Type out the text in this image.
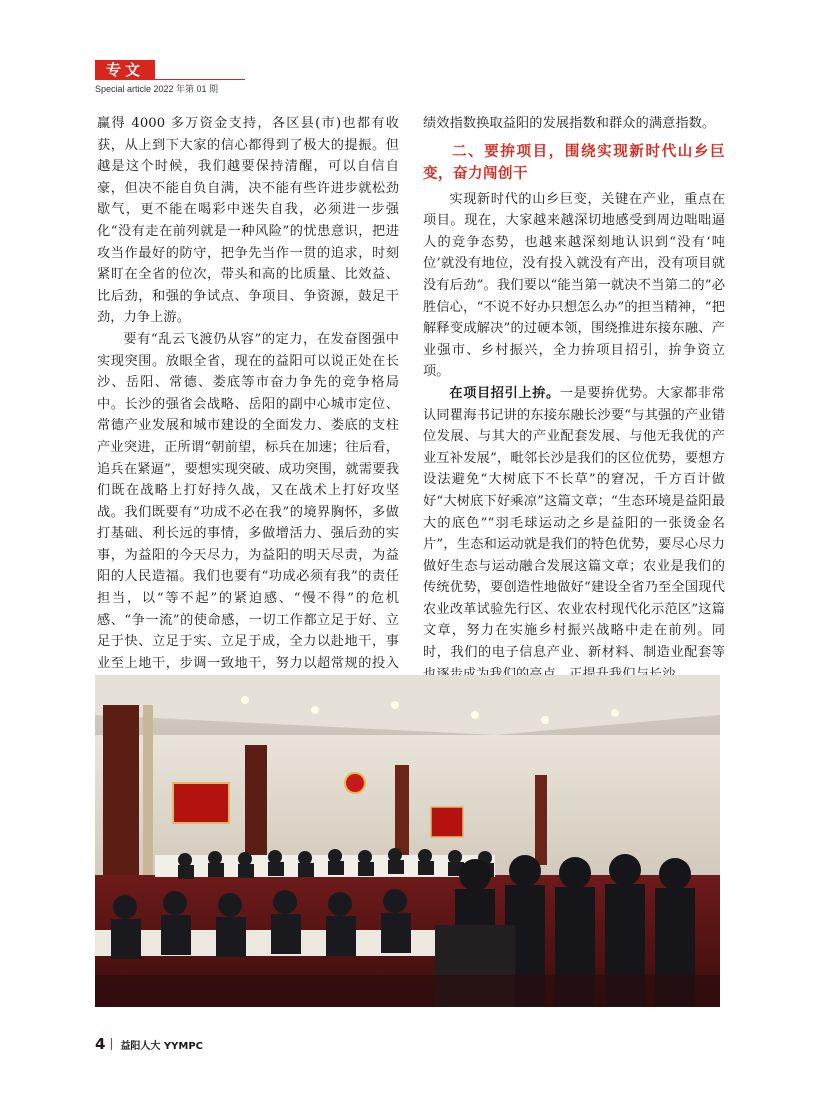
专文
Special article 2022 年第 01 期

赢得 4000 多万资金支持，各区县(市)也都有收获，从上到下大家的信心都得到了极大的提振。但越是这个时候，我们越要保持清醒，可以自信自豪，但决不能自负自满，决不能有些许进步就松劲歇气，更不能在喝彩中迷失自我，必须进一步强化“没有走在前列就是一种风险”的忧患意识，把进攻当作最好的防守，把争先当作一贯的追求，时刻紧盯在全省的位次，带头和高的比质量、比效益、比后劲，和强的争试点、争项目、争资源，鼓足干劲，力争上游。

要有“乱云飞渡仍从容”的定力，在发奋图强中实现突围。放眼全省，现在的益阳可以说正处在长沙、岳阳、常德、娄底等市奋力争先的竞争格局中。长沙的强省会战略、岳阳的副中心城市定位、常德产业发展和城市建设的全面发力、娄底的支柱产业突进，正所谓“朝前望，标兵在加速；往后看，追兵在紧逼”，要想实现突破、成功突围，就需要我们既在战略上打好持久战，又在战术上打好攻坚战。我们既要有“功成不必在我”的境界胸怀，多做打基础、利长远的事情，多做增活力、强后劲的实事，为益阳的今天尽力，为益阳的明天尽责，为益阳的人民造福。我们也要有“功成必须有我”的责任担当，以“等不起”的紧迫感、“慢不得”的危机感、“争一流”的使命感，一切工作都立足于好、立足于快、立足于实、立足于成，全力以赴地干，事业至上地干，步调一致地干，努力以超常规的投入

绩效指数换取益阳的发展指数和群众的满意指数。

二、要拚项目，围绕实现新时代山乡巨变，奋力闯创干

实现新时代的山乡巨变，关键在产业，重点在项目。现在，大家越来越深切地感受到周边咄咄逼人的竞争态势，也越来越深刻地认识到“没有‘吨位’就没有地位，没有投入就没有产出，没有项目就没有后劲”。我们要以“能当第一就决不当第二的”必胜信心，“不说不好办只想怎么办”的担当精神，“把解释变成解决”的过硬本领，围绕推进东接东融、产业强市、乡村振兴，全力拚项目招引，拚争资立项。

在项目招引上拚。一是要拚优势。大家都非常认同瞿海书记讲的东接东融长沙要“与其强的产业错位发展、与其大的产业配套发展、与他无我优的产业互补发展”，毗邻长沙是我们的区位优势，要想方设法避免“大树底下不长草”的窘况，千方百计做好“大树底下好乘凉”这篇文章；“生态环境是益阳最大的底色”“羽毛球运动之乡是益阳的一张烫金名片”，生态和运动就是我们的特色优势，要尽心尽力做好生态与运动融合发展这篇文章；农业是我们的传统优势，要创造性地做好“建设全省乃至全国现代农业改革试验先行区、农业农村现代化示范区”这篇文章，努力在实施乡村振兴战略中走在前列。同时，我们的电子信息产业、新材料、制造业配套等

4 益阳人大 YYMPC
